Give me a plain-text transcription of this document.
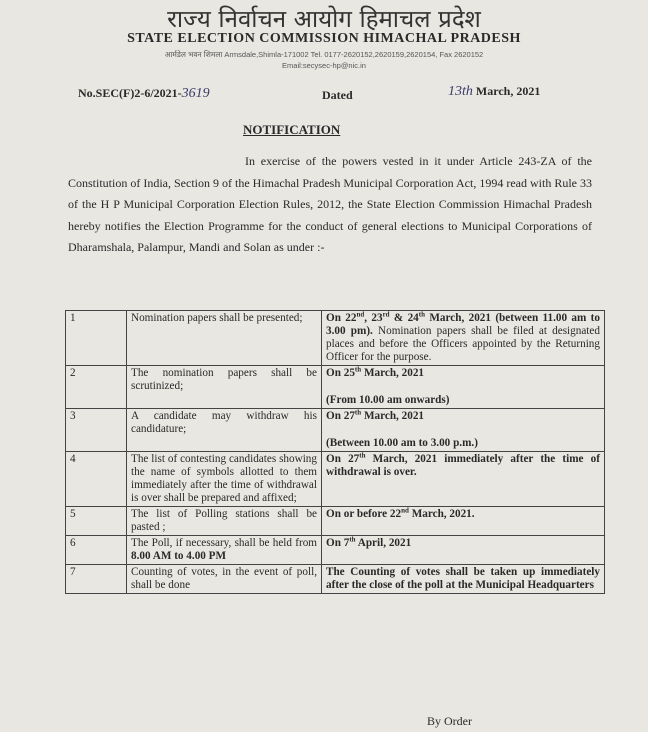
राज्य निर्वाचन आयोग हिमाचल प्रदेश
STATE ELECTION COMMISSION HIMACHAL PRADESH
आर्मडेल भवन शिमला Armsdale,Shimla-171002 Tel. 0177-2620152,2620159,2620154, Fax 2620152
Email:secysec-hp@nic.in
No.SEC(F)2-6/2021-3619	Dated	13th March, 2021
NOTIFICATION
In exercise of the powers vested in it under Article 243-ZA of the Constitution of India, Section 9 of the Himachal Pradesh Municipal Corporation Act, 1994 read with Rule 33 of the H P Municipal Corporation Election Rules, 2012, the State Election Commission Himachal Pradesh hereby notifies the Election Programme for the conduct of general elections to Municipal Corporations of Dharamshala, Palampur, Mandi and Solan as under :-
1	Nomination papers shall be presented;	On 22nd, 23rd & 24th March, 2021 (between 11.00 am to 3.00 pm). Nomination papers shall be filed at designated places and before the Officers appointed by the Returning Officer for the purpose.
2	The nomination papers shall be scrutinized;	On 25th March, 2021
(From 10.00 am onwards)

3	A candidate may withdraw his candidature;	On 27th March, 2021
(Between 10.00 am to 3.00 p.m.)

4	The list of contesting candidates showing the name of symbols allotted to them immediately after the time of withdrawal is over shall be prepared and affixed;	On 27th March, 2021 immediately after the time of withdrawal is over.
5	The list of Polling stations shall be pasted ;	On or before 22nd March, 2021.
6	The Poll, if necessary, shall be held from 8.00 AM to 4.00 PM	On 7th April, 2021
7	Counting of votes, in the event of poll, shall be done	The Counting of votes shall be taken up immediately after the close of the poll at the Municipal Headquarters
By Order
